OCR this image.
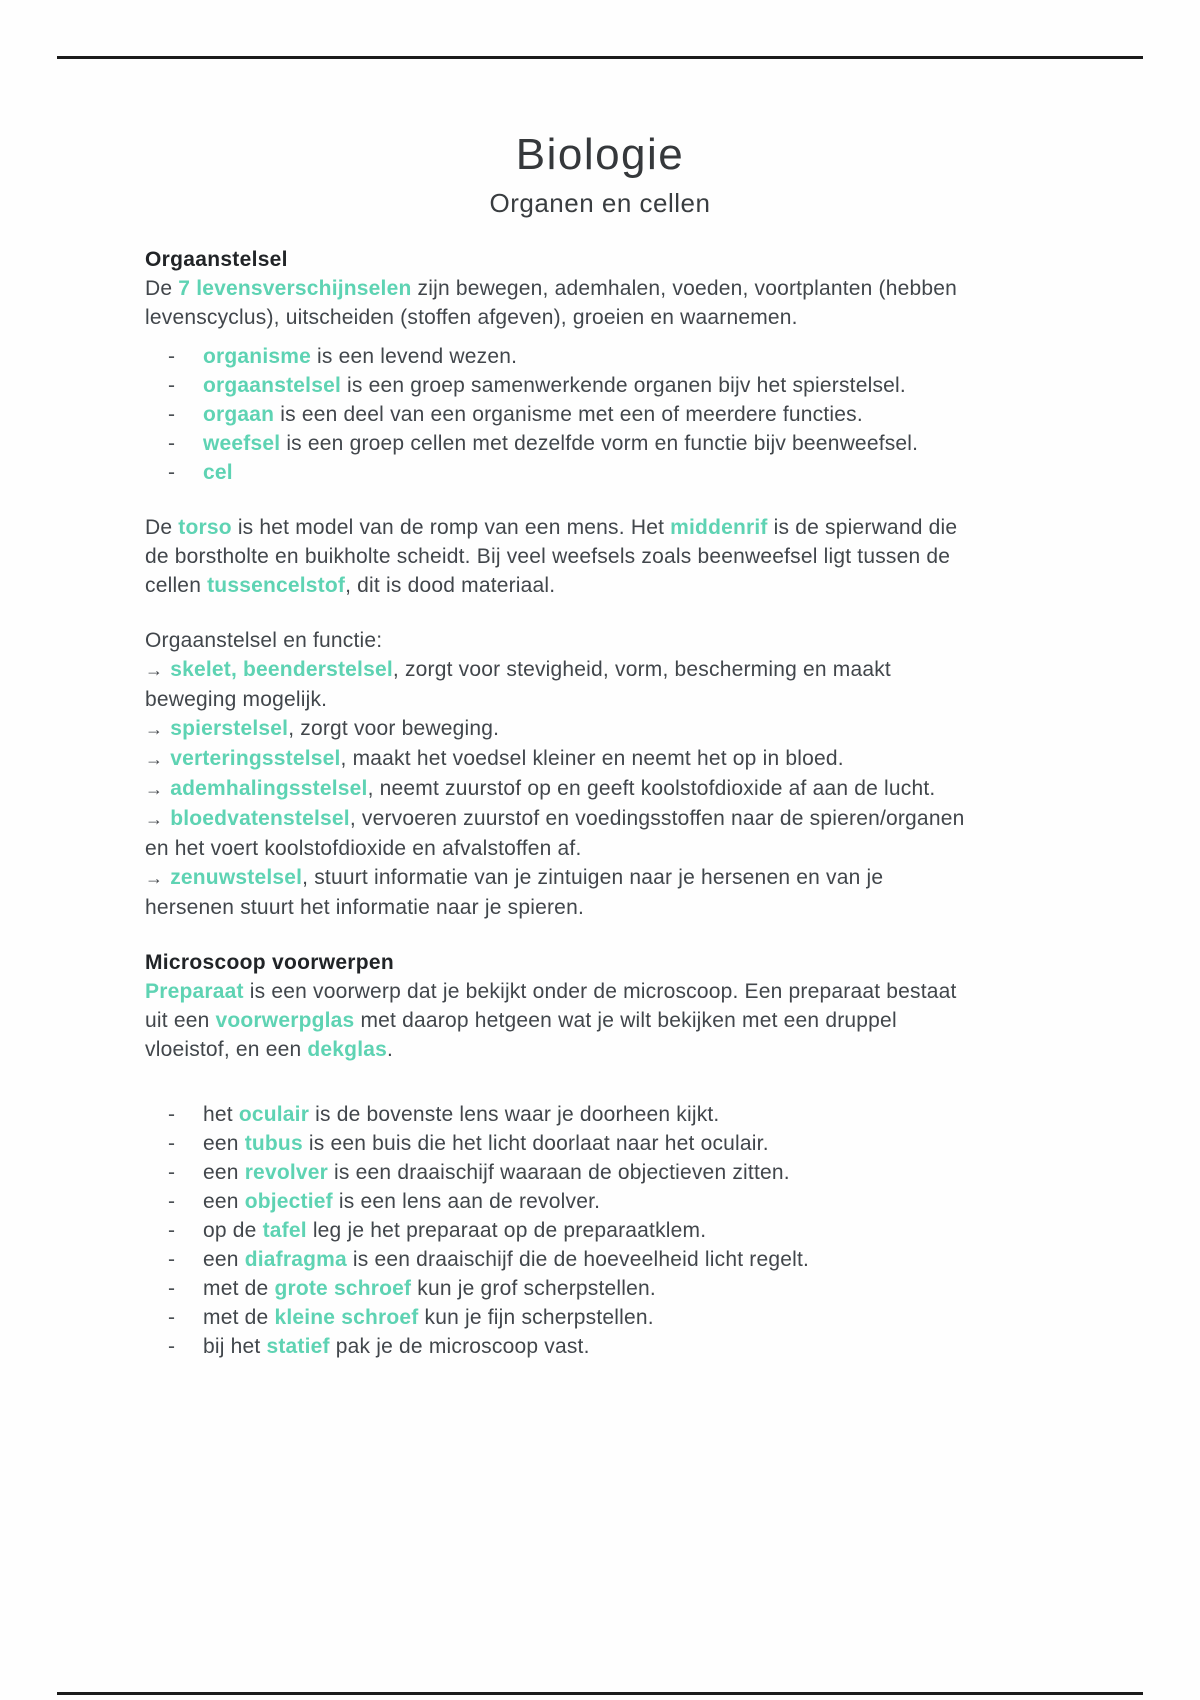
Biologie
Organen en cellen
Orgaanstelsel
De 7 levensverschijnselen zijn bewegen, ademhalen, voeden, voortplanten (hebben levenscyclus), uitscheiden (stoffen afgeven), groeien en waarnemen.
- organisme is een levend wezen.
- orgaanstelsel is een groep samenwerkende organen bijv het spierstelsel.
- orgaan is een deel van een organisme met een of meerdere functies.
- weefsel is een groep cellen met dezelfde vorm en functie bijv beenweefsel.
- cel
De torso is het model van de romp van een mens. Het middenrif is de spierwand die de borstholte en buikholte scheidt. Bij veel weefsels zoals beenweefsel ligt tussen de cellen tussencelstof, dit is dood materiaal.
Orgaanstelsel en functie:
→ skelet, beenderstelsel, zorgt voor stevigheid, vorm, bescherming en maakt beweging mogelijk.
→ spierstelsel, zorgt voor beweging.
→ verteringsstelsel, maakt het voedsel kleiner en neemt het op in bloed.
→ ademhalingsstelsel, neemt zuurstof op en geeft koolstofdioxide af aan de lucht.
→ bloedvatenstelsel, vervoeren zuurstof en voedingsstoffen naar de spieren/organen en het voert koolstofdioxide en afvalstoffen af.
→ zenuwstelsel, stuurt informatie van je zintuigen naar je hersenen en van je hersenen stuurt het informatie naar je spieren.
Microscoop voorwerpen
Preparaat is een voorwerp dat je bekijkt onder de microscoop. Een preparaat bestaat uit een voorwerpglas met daarop hetgeen wat je wilt bekijken met een druppel vloeistof, en een dekglas.
- het oculair is de bovenste lens waar je doorheen kijkt.
- een tubus is een buis die het licht doorlaat naar het oculair.
- een revolver is een draaischijf waaraan de objectieven zitten.
- een objectief is een lens aan de revolver.
- op de tafel leg je het preparaat op de preparaatklem.
- een diafragma is een draaischijf die de hoeveelheid licht regelt.
- met de grote schroef kun je grof scherpstellen.
- met de kleine schroef kun je fijn scherpstellen.
- bij het statief pak je de microscoop vast.
